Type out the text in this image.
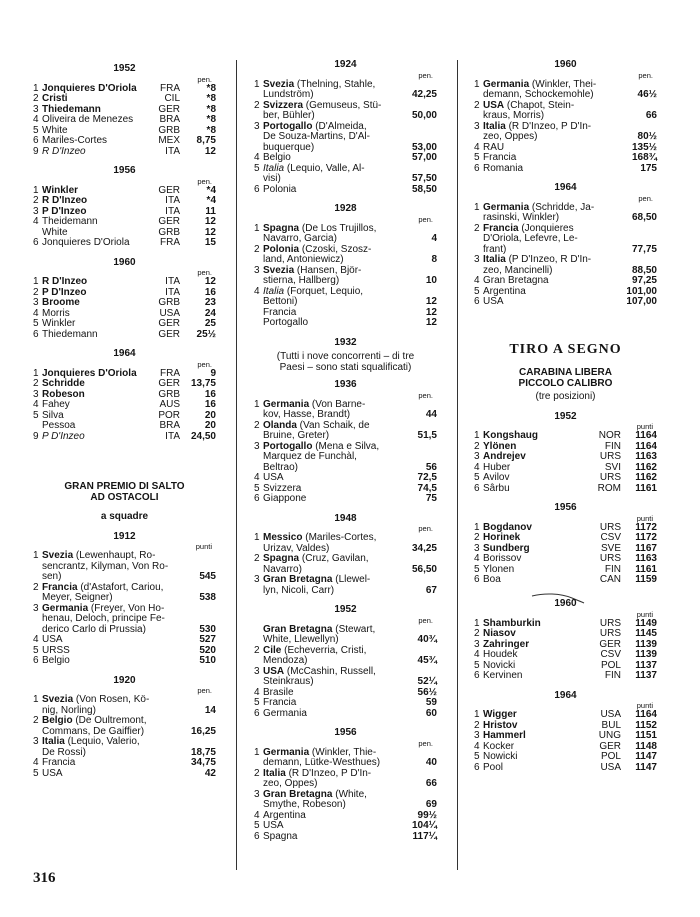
1952
pen.
1 Jonquieres D'Oriola	FRA	*8
2 Cristi	CIL	*8
3 Thiedemann	GER	*8
4 Oliveira de Menezes	BRA	*8
5 White	GRB	*8
6 Mariles-Cortes	MEX	8,75
9 R D'Inzeo	ITA	12
1956
pen.
1 Winkler	GER	*4
2 R D'Inzeo	ITA	*4
3 P D'Inzeo	ITA	11
4 Theidemann	GER	12
White	GRB	12
6 Jonquieres D'Oriola	FRA	15
1960
pen.
1 R D'Inzeo	ITA	12
2 P D'Inzeo	ITA	16
3 Broome	GRB	23
4 Morris	USA	24
5 Winkler	GER	25
6 Thiedemann	GER	25½
1964
pen.
1 Jonquieres D'Oriola	FRA	9
2 Schridde	GER	13,75
3 Robeson	GRB	16
4 Fahey	AUS	16
5 Silva	POR	20
Pessoa	BRA	20
9 P D'Inzeo	ITA	24,50
GRAN PREMIO DI SALTO
AD OSTACOLI
a squadre
1912
punti
1 Svezia (Lewenhaupt, Ro-
sencrantz, Kilyman, Von Ro-
sen)	545
2 Francia (d'Astafort, Cariou,
Meyer, Seigner)	538
3 Germania (Freyer, Von Ho-
henau, Deloch, principe Fe-
derico Carlo di Prussia)	530
4 USA	527
5 URSS	520
6 Belgio	510
1920
pen.
1 Svezia (Von Rosen, Kö-
nig, Norling)	14
2 Belgio (De Oultremont,
Commans, De Gaiffier)	16,25
3 Italia (Lequio, Valerio,
De Rossi)	18,75
4 Francia	34,75
5 USA	42
1924
pen.
1 Svezia (Thelning, Stahle,
Lundström)	42,25
2 Svizzera (Gemuseus, Stü-
ber, Bühler)	50,00
3 Portogallo (D'Almeida,
De Souza-Martins, D'Al-
buquerque)	53,00
4 Belgio	57,00
5 Italia (Lequio, Valle, Al-
visi)	57,50
6 Polonia	58,50
1928
pen.
1 Spagna (De Los Trujillos,
Navarro, Garcia)	4
2 Polonia (Czoski, Szosz-
land, Antoniewicz)	8
3 Svezia (Hansen, Björ-
stierna, Hallberg)	10
4 Italia (Forquet, Lequio,
Bettoni)	12
Francia	12
Portogallo	12
1932
(Tutti i nove concorrenti – di tre
Paesi – sono stati squalificati)
1936
pen.
1 Germania (Von Barne-
kov, Hasse, Brandt)	44
2 Olanda (Van Schaik, de
Bruine, Greter)	51,5
3 Portogallo (Mena e Silva,
Marquez de Funchàl,
Beltrao)	56
4 USA	72,5
5 Svizzera	74,5
6 Giappone	75
1948
pen.
1 Messico (Mariles-Cortes,
Urizav, Valdes)	34,25
2 Spagna (Cruz, Gavilan,
Navarro)	56,50
3 Gran Bretagna (Llewel-
lyn, Nicoli, Carr)	67
1952
pen.
Gran Bretagna (Stewart,
White, Llewellyn)	40¾
2 Cile (Echeverria, Cristi,
Mendoza)	45¾
3 USA (McCashin, Russell,
Steinkraus)	52¼
4 Brasile	56½
5 Francia	59
6 Germania	60
1956
pen.
1 Germania (Winkler, Thie-
demann, Lütke-Westhues)	40
2 Italia (R D'Inzeo, P D'In-
zeo, Oppes)	66
3 Gran Bretagna (White,
Smythe, Robeson)	69
4 Argentina	99½
5 USA	104¼
6 Spagna	117¼
1960
pen.
1 Germania (Winkler, Thei-
demann, Schockemohle)	46½
2 USA (Chapot, Stein-
kraus, Morris)	66
3 Italia (R D'Inzeo, P D'In-
zeo, Oppes)	80½
4 RAU	135½
5 Francia	168¾
6 Romania	175
1964
pen.
1 Germania (Schridde, Ja-
rasinski, Winkler)	68,50
2 Francia (Jonquieres
D'Oriola, Lefevre, Le-
frant)	77,75
3 Italia (P D'Inzeo, R D'In-
zeo, Mancinelli)	88,50
4 Gran Bretagna	97,25
5 Argentina	101,00
6 USA	107,00
TIRO A SEGNO
CARABINA LIBERA
PICCOLO CALIBRO
(tre posizioni)
1952
punti
1 Kongshaug	NOR	1164
2 Ylönen	FIN	1164
3 Andrejev	URS	1163
4 Huber	SVI	1162
5 Avilov	URS	1162
6 Sârbu	ROM	1161
1956
punti
1 Bogdanov	URS	1172
2 Horinek	CSV	1172
3 Sundberg	SVE	1167
4 Borissov	URS	1163
5 Ylonen	FIN	1161
6 Boa	CAN	1159
1960
punti
1 Shamburkin	URS	1149
2 Niasov	URS	1145
3 Zahringer	GER	1139
4 Houdek	CSV	1139
5 Novicki	POL	1137
6 Kervinen	FIN	1137
1964
punti
1 Wigger	USA	1164
2 Hristov	BUL	1152
3 Hammerl	UNG	1151
4 Kocker	GER	1148
5 Nowicki	POL	1147
6 Pool	USA	1147
316
